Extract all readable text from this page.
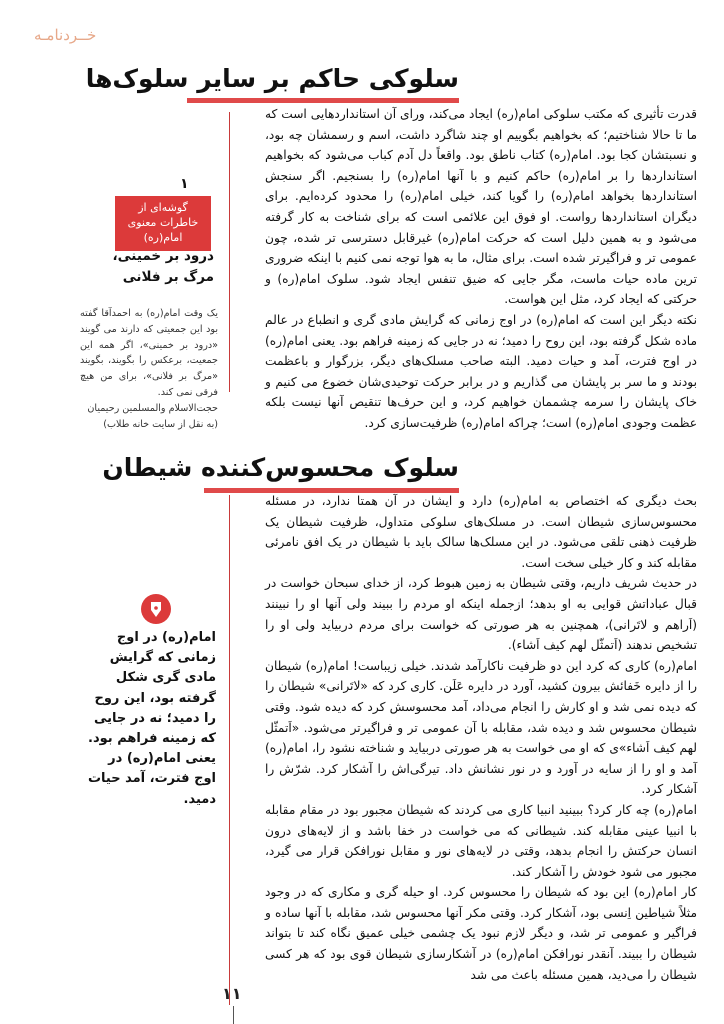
خــردنامـه
سلوکی حاکم بر سایر سلوک‌ها

قدرت تأثیری که مکتب سلوکی امام(ره) ایجاد می‌کند، ورای آن استانداردهایی است که ما تا حالا شناختیم؛ که بخواهیم بگوییم او چند شاگرد داشت، اسم و رسمشان چه بود، و نسبتشان کجا بود. امام(ره) کتاب ناطق بود. واقعاً دل آدم کباب می‌شود که بخواهیم استانداردها را بر امام(ره) حاکم کنیم و با آنها امام(ره) را بسنجیم. اگر سنجش استانداردها بخواهد امام(ره) را گویا کند، خیلی امام(ره) را محدود کرده‌ایم. برای دیگران استانداردها رواست. او فوق این علائمی است که برای شناخت به کار گرفته می‌شود و به همین دلیل است که حرکت امام(ره) غیرقابل دسترسی تر شده، چون عمومی تر و فراگیرتر شده است. برای مثال، ما به هوا توجه نمی کنیم با اینکه ضروری ترین ماده حیات ماست، مگر جایی که ضیق تنفس ایجاد شود. سلوک امام(ره) و حرکتی که ایجاد کرد، مثل این هواست.

نکته دیگر این است که امام(ره) در اوج زمانی که گرایش مادی گری و انطباع در عالم ماده شکل گرفته بود، این روح را دمید؛ نه در جایی که زمینه فراهم بود. یعنی امام(ره) در اوج فترت، آمد و حیات دمید. البته صاحب مسلک‌های دیگر، بزرگوار و باعظمت بودند و ما سر بر پایشان می گذاریم و در برابر حرکت توحیدی‌شان خضوع می کنیم و خاک پایشان را سرمه چشممان خواهیم کرد، و این حرف‌ها تنقیص آنها نیست بلکه عظمت وجودی امام(ره) است؛ چراکه امام(ره) ظرفیت‌سازی کرد.

سلوک محسوس‌کننده شیطان

بحث دیگری که اختصاص به امام(ره) دارد و ایشان در آن همتا ندارد، در مسئله محسوس‌سازی شیطان است. در مسلک‌های سلوکی متداول، ظرفیت شیطان یک ظرفیت ذهنی تلقی می‌شود. در این مسلک‌ها سالک باید با شیطان در یک افق نامرئی مقابله کند و کار خیلی سخت است.

در حدیث شریف داریم، وقتی شیطان به زمین هبوط کرد، از خدای سبحان خواست در قبال عباداتش قوایی به او بدهد؛ ازجمله اینکه او مردم را ببیند ولی آنها او را نبینند (اَراهم و لاتَرانی)، همچنین به هر صورتی که خواست برای مردم دربیاید ولی او را تشخیص ندهند (اَتمثّل لهم کیف اَشاء).

امام(ره) کاری که کرد این دو ظرفیت ناکارآمد شدند. خیلی زیباست! امام(ره) شیطان را از دایره خَفائش بیرون کشید، آورد در دایره عَلَن. کاری کرد که «لاتَرانی» شیطان را که دیده نمی شد و او کارش را انجام می‌داد، آمد محسوسش کرد که دیده شود. وقتی شیطان محسوس شد و دیده شد، مقابله با آن عمومی تر و فراگیرتر می‌شود. «اَتمثّل لهم کیف اَشاء»ی که او می خواست به هر صورتی دربیاید و شناخته نشود را، امام(ره) آمد و او را از سایه در آورد و در نور نشانش داد. تیرگی‌اش را آشکار کرد. شرّش را آشکار کرد.

امام(ره) چه کار کرد؟ ببینید انبیا کاری می کردند که شیطان مجبور بود در مقام مقابله با انبیا عینی مقابله کند. شیطانی که می خواست در خفا باشد و از لایه‌های درون انسان حرکتش را انجام بدهد، وقتی در لایه‌های نور و مقابل نورافکن قرار می گیرد، مجبور می شود خودش را آشکار کند.

کار امام(ره) این بود که شیطان را محسوس کرد. او حیله گری و مکاری که در وجود مثلاً شیاطین اِنسی بود، آشکار کرد. وقتی مکر آنها محسوس شد، مقابله با آنها ساده و فراگیر و عمومی تر شد، و دیگر لازم نبود یک چشمی خیلی عمیق نگاه کند تا بتواند شیطان را ببیند. آنقدر نورافکن امام(ره) در آشکارسازی شیطان قوی بود که هر کسی شیطان را می‌دید، همین مسئله باعث می شد

۱
گوشه‌ای از خاطرات معنوی امام(ره)
درود بر خمینی، مرگ بر فلانی

یک وقت امام(ره) به احمدآقا گفته بود این جمعیتی که دارند می گویند «درود بر خمینی»، اگر همه این جمعیت، برعکس را بگویند، بگویند «مرگ بر فلانی»، برای من هیچ فرقی نمی کند.

حجت‌الاسلام والمسلمین رحیمیان (به نقل از سایت خانه طلاب)

امام(ره) در اوج زمانی که گرایش مادی گری شکل گرفته بود، این روح را دمید؛ نه در جایی که زمینه فراهم بود. یعنی امام(ره) در اوج فترت، آمد حیات دمید.
۱۱
